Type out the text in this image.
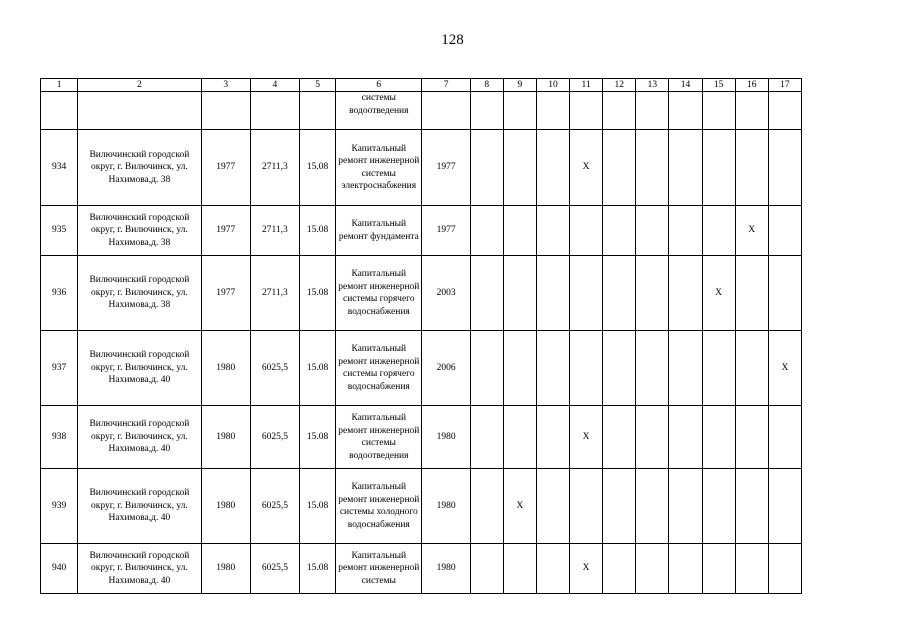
128
1	2	3	4	5	6	7	8	9	10	11	12	13	14	15	16	17
					системы водоотведения											
934	Вилючинский городской округ, г. Вилючинск, ул. Нахимова,д. 38	1977	2711,3	15.08	Капитальный ремонт инженерной системы электроснабжения	1977				X						
935	Вилючинский городской округ, г. Вилючинск, ул. Нахимова,д. 38	1977	2711,3	15.08	Капитальный ремонт фундамента	1977									X	
936	Вилючинский городской округ, г. Вилючинск, ул. Нахимова,д. 38	1977	2711,3	15.08	Капитальный ремонт инженерной системы горячего водоснабжения	2003								X		
937	Вилючинский городской округ, г. Вилючинск, ул. Нахимова,д. 40	1980	6025,5	15.08	Капитальный ремонт инженерной системы горячего водоснабжения	2006										X
938	Вилючинский городской округ, г. Вилючинск, ул. Нахимова,д. 40	1980	6025,5	15.08	Капитальный ремонт инженерной системы водоотведения	1980				X						
939	Вилючинский городской округ, г. Вилючинск, ул. Нахимова,д. 40	1980	6025,5	15.08	Капитальный ремонт инженерной системы холодного водоснабжения	1980		X								
940	Вилючинский городской округ, г. Вилючинск, ул. Нахимова,д. 40	1980	6025,5	15.08	Капитальный ремонт инженерной системы	1980				X						
